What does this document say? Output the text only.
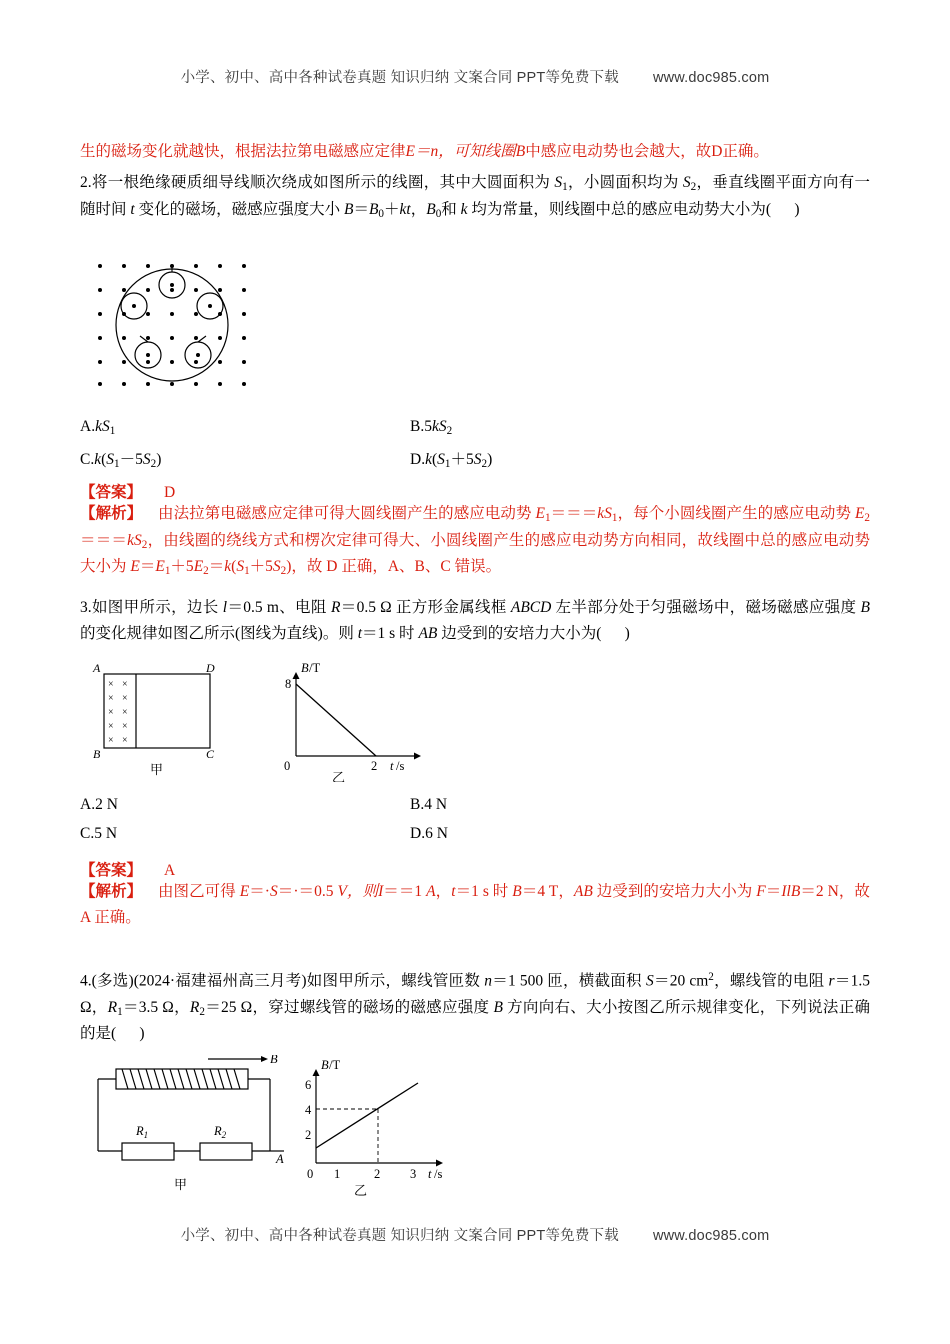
小学、初中、高中各种试卷真题 知识归纳 文案合同 PPT等免费下载 www.doc985.com
生的磁场变化就越快，根据法拉第电磁感应定律E＝n，可知线圈B中感应电动势也会越大，故D正确。
2.将一根绝缘硬质细导线顺次绕成如图所示的线圈，其中大圆面积为 $S_1$，小圆面积均为 $S_2$，垂直线圈平面方向有一随时间 t 变化的磁场，磁感应强度大小 $B=B_0+kt$，$B_0$和 k 均为常量，则线圈中总的感应电动势大小为(      )
$A.kS_1$	$B.5kS_2$
$C.k(S_1-5S_2)$	$D.k(S_1+5S_2)$
【答案】 D
【解析】    由法拉第电磁感应定律可得大圆线圈产生的感应电动势 $E_1===kS_1$，每个小圆线圈产生的感应电动势 $E_2===kS_2$，由线圈的绕线方式和楞次定律可得大、小圆线圈产生的感应电动势方向相同，故线圈中总的感应电动势大小为 $E=E_1+5E_2=k(S_1+5S_2)$，故 D 正确，A、B、C 错误。
3.如图甲所示，边长 l＝0.5 m、电阻 R＝0.5 Ω 正方形金属线框 ABCD 左半部分处于匀强磁场中，磁场磁感应强度 B 的变化规律如图乙所示(图线为直线)。则 t＝1 s 时 AB 边受到的安培力大小为(      )
A	D
B	C
× ×
× ×
× ×
× ×
× ×
甲
B /T
8
0	2 t /s
乙
A.2 N	B.4 N
C.5 N	D.6 N
【答案】 A
【解析】    由图乙可得 E＝·S＝·＝0.5 V，则I＝＝1 A，t＝1 s 时 B＝4 T，AB 边受到的安培力大小为 F＝IlB＝2 N，故 A 正确。
4.(多选)(2024·福建福州高三月考)如图甲所示，螺线管匝数 n＝1 500 匝，横截面积 S＝20 $cm^2$，螺线管的电阻 r＝1.5 Ω，$R_1=3.5$ Ω，$R_2=25$ Ω，穿过螺线管的磁场的磁感应强度 B 方向向右、大小按图乙所示规律变化，下列说法正确的是(      )
B
$R_1$	$R_2$
A
甲
B /T
6
4
2
0 1	2 3 t /s
乙
小学、初中、高中各种试卷真题 知识归纳 文案合同 PPT等免费下载 www.doc985.com
